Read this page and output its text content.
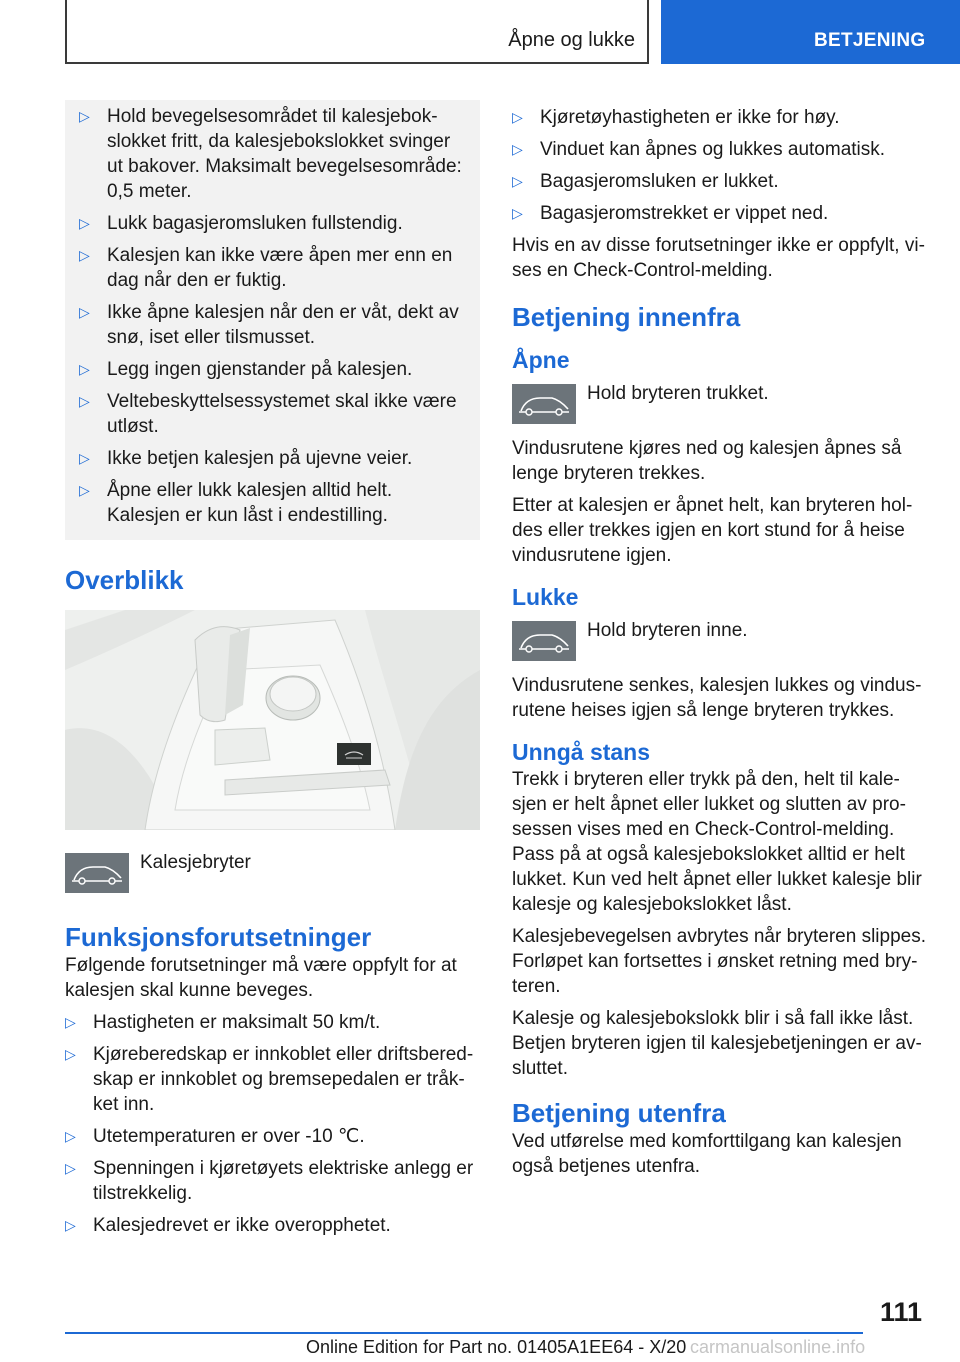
Åpne og lukke	BETJENING
▷ Hold bevegelsesområdet til kalesjebok-slokket fritt, da kalesjebokslokket svinger ut bakover. Maksimalt bevegelsesområde: 0,5 meter.
▷ Lukk bagasjeromsluken fullstendig.
▷ Kalesjen kan ikke være åpen mer enn en dag når den er fuktig.
▷ Ikke åpne kalesjen når den er våt, dekt av snø, iset eller tilsmusset.
▷ Legg ingen gjenstander på kalesjen.
▷ Veltebeskyttelsessystemet skal ikke være utløst.
▷ Ikke betjen kalesjen på ujevne veier.
▷ Åpne eller lukk kalesjen alltid helt. Kalesjen er kun låst i endestilling.
Overblikk
Kalesjebryter
Funksjonsforutsetninger

Følgende forutsetninger må være oppfylt for at kalesjen skal kunne beveges.

▷ Hastigheten er maksimalt 50 km/t.
▷ Kjøreberedskap er innkoblet eller driftsbered-skap er innkoblet og bremsepedalen er tråk-ket inn.
▷ Utetemperaturen er over -10 ℃.
▷ Spenningen i kjøretøyets elektriske anlegg er tilstrekkelig.
▷ Kalesjedrevet er ikke overopphetet.
▷ Kjøretøyhastigheten er ikke for høy.
▷ Vinduet kan åpnes og lukkes automatisk.
▷ Bagasjeromsluken er lukket.
▷ Bagasjeromstrekket er vippet ned.

Hvis en av disse forutsetninger ikke er oppfylt, vi-ses en Check-Control-melding.

Betjening innenfra
Åpne
Hold bryteren trukket.

Vindusrutene kjøres ned og kalesjen åpnes så lenge bryteren trekkes.

Etter at kalesjen er åpnet helt, kan bryteren hol-des eller trekkes igjen en kort stund for å heise vindusrutene igjen.

Lukke
Hold bryteren inne.

Vindusrutene senkes, kalesjen lukkes og vindus-rutene heises igjen så lenge bryteren trykkes.

Unngå stans

Trekk i bryteren eller trykk på den, helt til kale-sjen er helt åpnet eller lukket og slutten av pro-sessen vises med en Check-Control-melding. Pass på at også kalesjebokslokket alltid er helt lukket. Kun ved helt åpnet eller lukket kalesje blir kalesje og kalesjebokslokket låst.

Kalesjebevegelsen avbrytes når bryteren slippes. Forløpet kan fortsettes i ønsket retning med bry-teren.

Kalesje og kalesjebokslokk blir i så fall ikke låst. Betjen bryteren igjen til kalesjebetjeningen er av-sluttet.

Betjening utenfra

Ved utførelse med komforttilgang kan kalesjen også betjenes utenfra.

111
Online Edition for Part no. 01405A1EE64 - X/20 carmanualsonline.info
